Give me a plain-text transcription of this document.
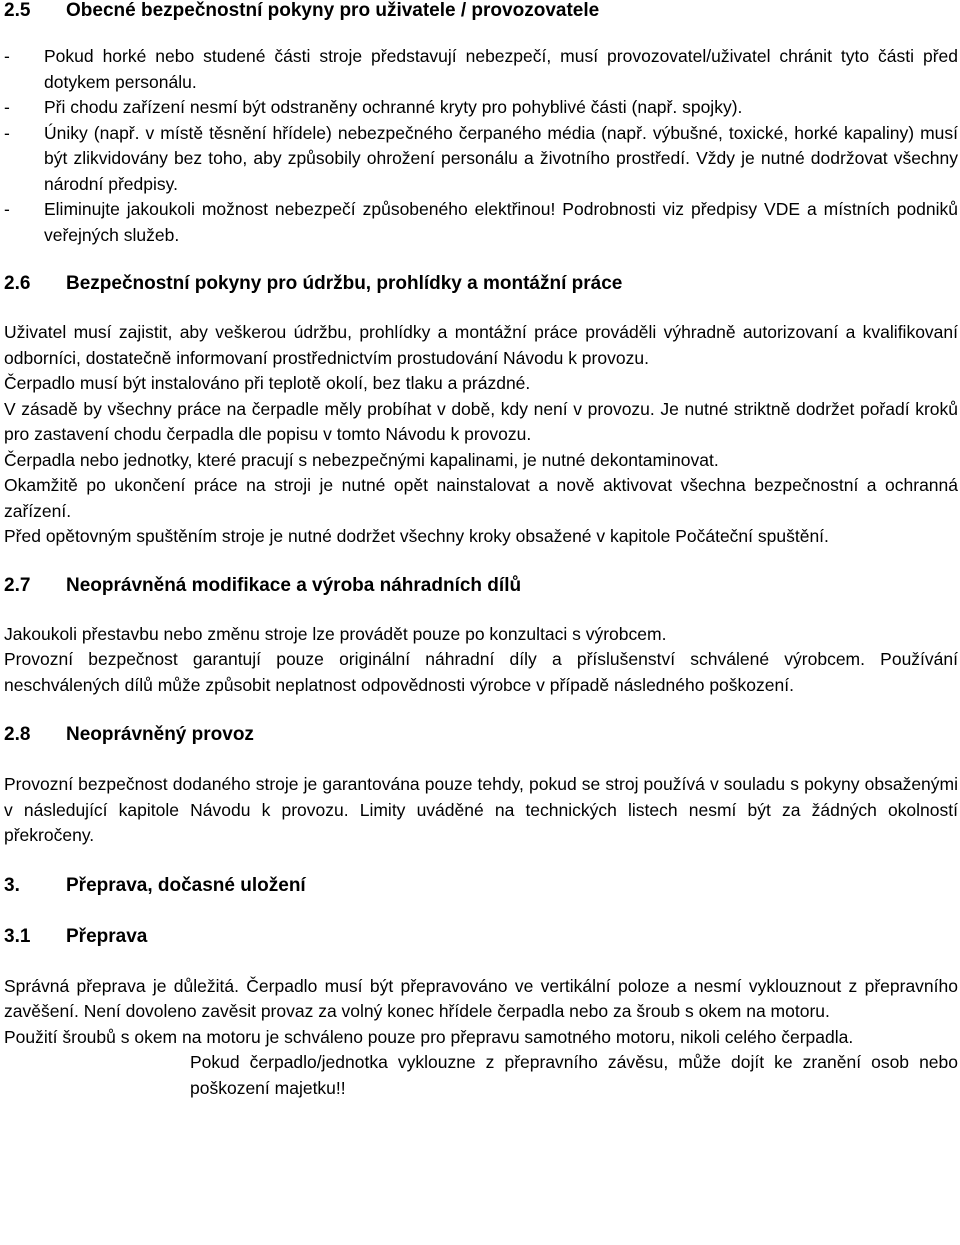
2.5 Obecné bezpečnostní pokyny pro uživatele / provozovatele

- Pokud horké nebo studené části stroje představují nebezpečí, musí provozovatel/uživatel chránit tyto části před dotykem personálu.

- Při chodu zařízení nesmí být odstraněny ochranné kryty pro pohyblivé části (např. spojky).

- Úniky (např. v místě těsnění hřídele) nebezpečného čerpaného média (např. výbušné, toxické, horké kapaliny) musí být zlikvidovány bez toho, aby způsobily ohrožení personálu a životního prostředí. Vždy je nutné dodržovat všechny národní předpisy.

- Eliminujte jakoukoli možnost nebezpečí způsobeného elektřinou! Podrobnosti viz předpisy VDE a místních podniků veřejných služeb.

2.6 Bezpečnostní pokyny pro údržbu, prohlídky a montážní práce

Uživatel musí zajistit, aby veškerou údržbu, prohlídky a montážní práce prováděli výhradně autorizovaní a kvalifikovaní odborníci, dostatečně informovaní prostřednictvím prostudování Návodu k provozu.

Čerpadlo musí být instalováno při teplotě okolí, bez tlaku a prázdné.

V zásadě by všechny práce na čerpadle měly probíhat v době, kdy není v provozu. Je nutné striktně dodržet pořadí kroků pro zastavení chodu čerpadla dle popisu v tomto Návodu k provozu.

Čerpadla nebo jednotky, které pracují s nebezpečnými kapalinami, je nutné dekontaminovat.

Okamžitě po ukončení práce na stroji je nutné opět nainstalovat a nově aktivovat všechna bezpečnostní a ochranná zařízení.

Před opětovným spuštěním stroje je nutné dodržet všechny kroky obsažené v kapitole Počáteční spuštění.

2.7 Neoprávněná modifikace a výroba náhradních dílů

Jakoukoli přestavbu nebo změnu stroje lze provádět pouze po konzultaci s výrobcem.

Provozní bezpečnost garantují pouze originální náhradní díly a příslušenství schválené výrobcem. Používání neschválených dílů může způsobit neplatnost odpovědnosti výrobce v případě následného poškození.

2.8 Neoprávněný provoz

Provozní bezpečnost dodaného stroje je garantována pouze tehdy, pokud se stroj používá v souladu s pokyny obsaženými v následující kapitole Návodu k provozu. Limity uváděné na technických listech nesmí být za žádných okolností překročeny.

3. Přeprava, dočasné uložení
3.1 Přeprava

Správná přeprava je důležitá. Čerpadlo musí být přepravováno ve vertikální poloze a nesmí vyklouznout z přepravního zavěšení. Není dovoleno zavěsit provaz za volný konec hřídele čerpadla nebo za šroub s okem na motoru.

Použití šroubů s okem na motoru je schváleno pouze pro přepravu samotného motoru, nikoli celého čerpadla.

Pokud čerpadlo/jednotka vyklouzne z přepravního závěsu, může dojít ke zranění osob nebo poškození majetku!!
